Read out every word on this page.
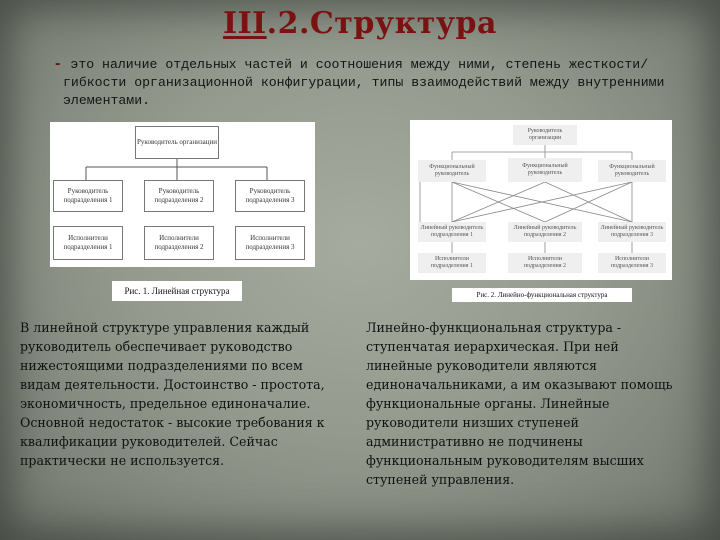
III.2.Структура
- это наличие отдельных частей и соотношения между ними, степень жесткости/гибкости организационной конфигурации, типы взаимодействий между внутренними элементами.
Руководитель организации
Руководитель подразделения 1
Руководитель подразделения 2
Руководитель подразделения 3
Исполнители подразделения 1
Исполнители подразделения 2
Исполнители подразделения 3
Рис. 1. Линейная структура
Руководитель организации
Функциональный руководитель
Функциональный руководитель
Функциональный руководитель
Линейный руководитель подразделения 1
Линейный руководитель подразделения 2
Линейный руководитель подразделения 3
Исполнители подразделения 1
Исполнители подразделения 2
Исполнители подразделения 3
Рис. 2. Линейно-функциональная структура
В линейной структуре управления каждый руководитель обеспечивает руководство нижестоящими подразделениями по всем видам деятельности. Достоинство - простота, экономичность, предельное единоначалие. Основной недостаток - высокие требования к квалификации руководителей. Сейчас практически не используется.
Линейно-функциональная структура - ступенчатая иерархическая. При ней линейные руководители являются единоначальниками, а им оказывают помощь функциональные органы. Линейные руководители низших ступеней административно не подчинены функциональным руководителям высших ступеней управления.
